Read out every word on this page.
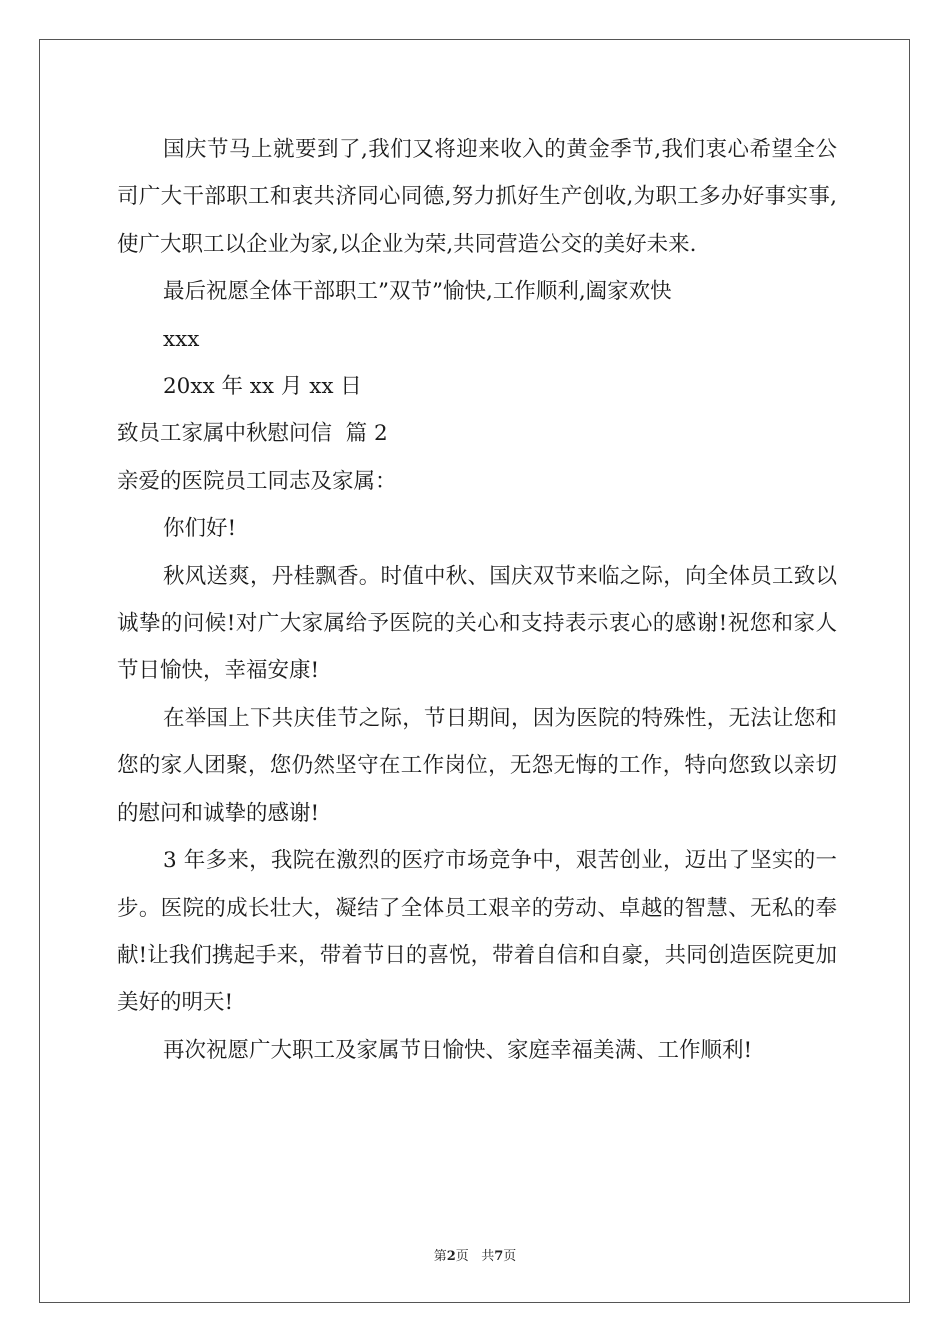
国庆节马上就要到了,我们又将迎来收入的黄金季节,我们衷心希望全公司广大干部职工和衷共济同心同德,努力抓好生产创收,为职工多办好事实事,使广大职工以企业为家,以企业为荣,共同营造公交的美好未来.

最后祝愿全体干部职工”双节”愉快,工作顺利,阖家欢快

xxx

20xx 年 xx 月 xx 日

致员工家属中秋慰问信  篇 2

亲爱的医院员工同志及家属：

你们好!

秋风送爽，丹桂飘香。时值中秋、国庆双节来临之际，向全体员工致以诚挚的问候!对广大家属给予医院的关心和支持表示衷心的感谢!祝您和家人节日愉快，幸福安康!

在举国上下共庆佳节之际，节日期间，因为医院的特殊性，无法让您和您的家人团聚，您仍然坚守在工作岗位，无怨无悔的工作，特向您致以亲切的慰问和诚挚的感谢!

3 年多来，我院在激烈的医疗市场竞争中，艰苦创业，迈出了坚实的一步。医院的成长壮大，凝结了全体员工艰辛的劳动、卓越的智慧、无私的奉献!让我们携起手来，带着节日的喜悦，带着自信和自豪，共同创造医院更加美好的明天!

再次祝愿广大职工及家属节日愉快、家庭幸福美满、工作顺利!

第2页 共7页
